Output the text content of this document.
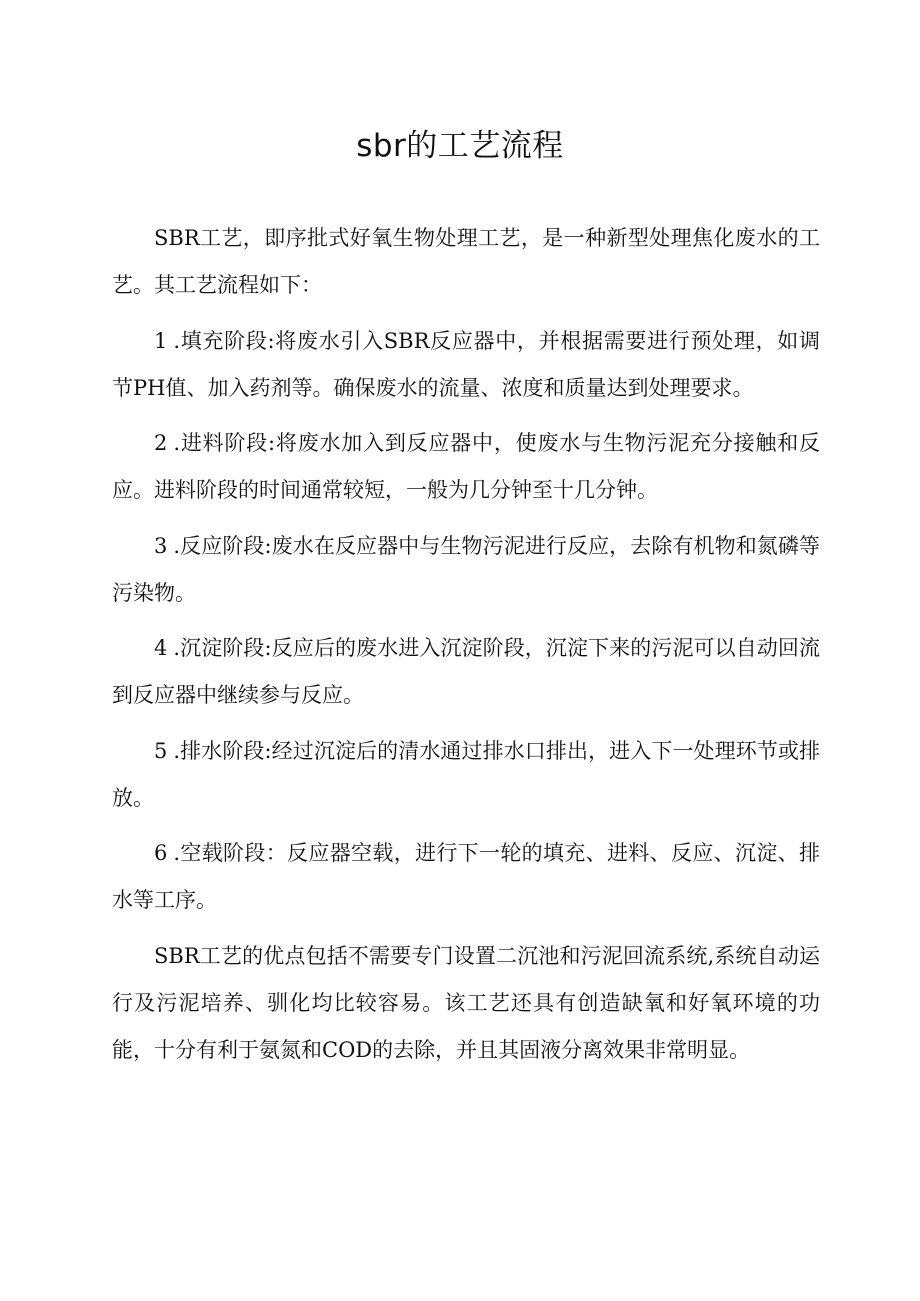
sbr的工艺流程

SBR工艺，即序批式好氧生物处理工艺，是一种新型处理焦化废水的工艺。其工艺流程如下：

1 .填充阶段:将废水引入SBR反应器中，并根据需要进行预处理，如调节PH值、加入药剂等。确保废水的流量、浓度和质量达到处理要求。

2 .进料阶段:将废水加入到反应器中，使废水与生物污泥充分接触和反应。进料阶段的时间通常较短，一般为几分钟至十几分钟。

3 .反应阶段:废水在反应器中与生物污泥进行反应，去除有机物和氮磷等污染物。

4 .沉淀阶段:反应后的废水进入沉淀阶段，沉淀下来的污泥可以自动回流到反应器中继续参与反应。

5 .排水阶段:经过沉淀后的清水通过排水口排出，进入下一处理环节或排放。

6 .空载阶段：反应器空载，进行下一轮的填充、进料、反应、沉淀、排水等工序。

SBR工艺的优点包括不需要专门设置二沉池和污泥回流系统,系统自动运行及污泥培养、驯化均比较容易。该工艺还具有创造缺氧和好氧环境的功能，十分有利于氨氮和COD的去除，并且其固液分离效果非常明显。
